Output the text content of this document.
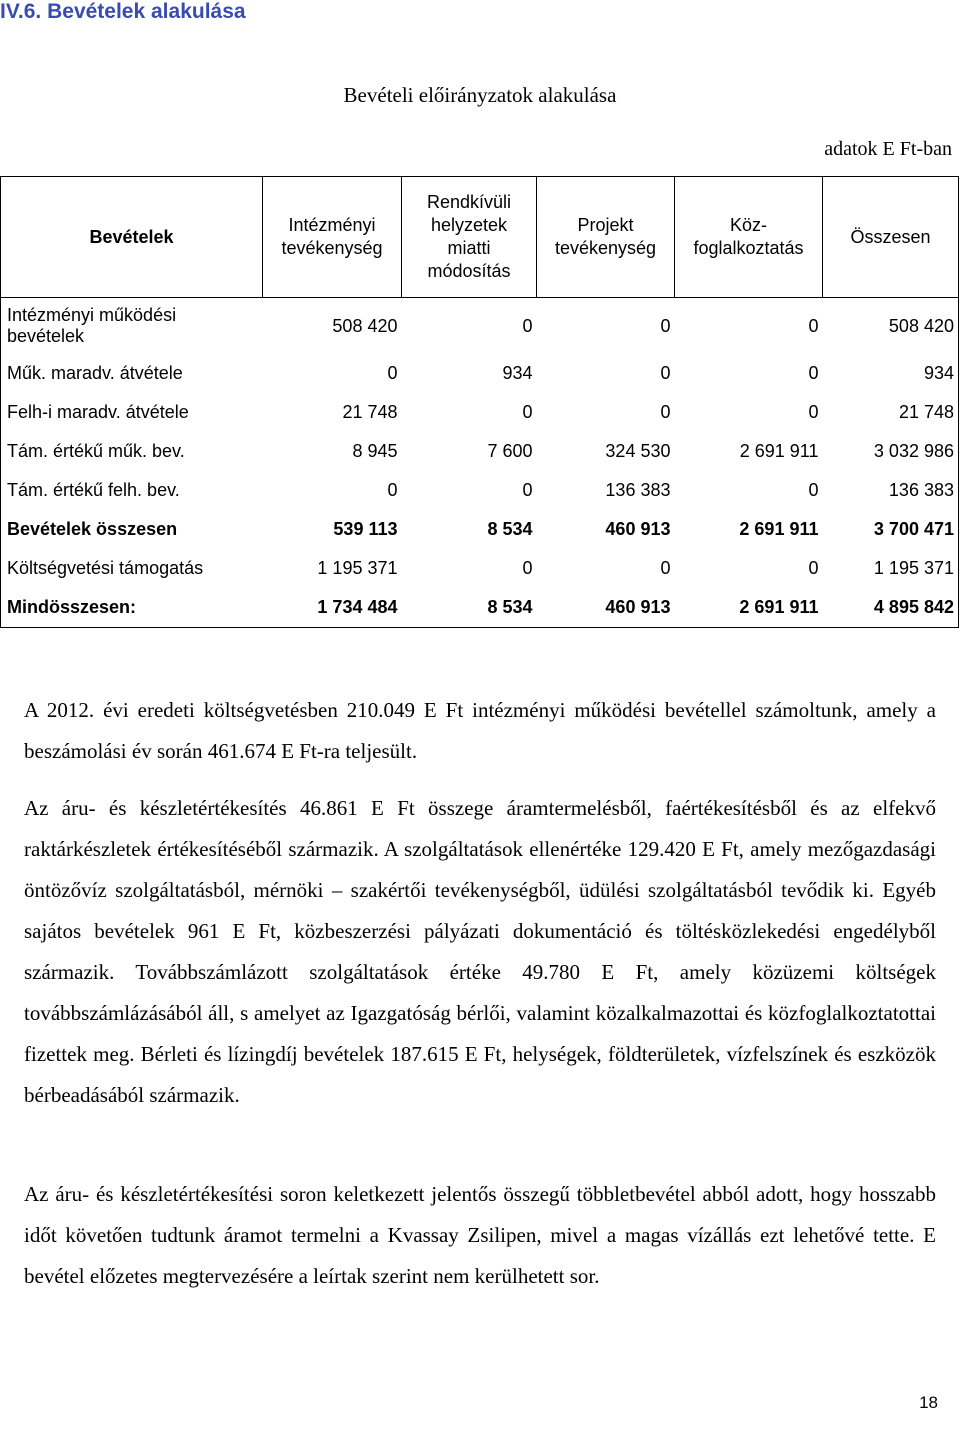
IV.6. Bevételek alakulása
Bevételi előirányzatok alakulása
adatok E Ft-ban
Bevételek	Intézményi tevékenység	Rendkívüli helyzetek miatti módosítás	Projekt tevékenység	Köz-foglalkoztatás	Összesen
Intézményi működési bevételek	508 420	0	0	0	508 420
Műk. maradv. átvétele	0	934	0	0	934
Felh-i maradv. átvétele	21 748	0	0	0	21 748
Tám. értékű műk. bev.	8 945	7 600	324 530	2 691 911	3 032 986
Tám. értékű felh. bev.	0	0	136 383	0	136 383
Bevételek összesen	539 113	8 534	460 913	2 691 911	3 700 471
Költségvetési támogatás	1 195 371	0	0	0	1 195 371
Mindösszesen:	1 734 484	8 534	460 913	2 691 911	4 895 842
A 2012. évi eredeti költségvetésben 210.049 E Ft intézményi működési bevétellel számoltunk, amely a beszámolási év során 461.674 E Ft-ra teljesült.
Az áru- és készletértékesítés 46.861 E Ft összege áramtermelésből, faértékesítésből és az elfekvő raktárkészletek értékesítéséből származik. A szolgáltatások ellenértéke 129.420 E Ft, amely mezőgazdasági öntözővíz szolgáltatásból, mérnöki – szakértői tevékenységből, üdülési szolgáltatásból tevődik ki. Egyéb sajátos bevételek 961 E Ft, közbeszerzési pályázati dokumentáció és töltésközlekedési engedélyből származik. Továbbszámlázott szolgáltatások értéke 49.780 E Ft, amely közüzemi költségek továbbszámlázásából áll, s amelyet az Igazgatóság bérlői, valamint közalkalmazottai és közfoglalkoztatottai fizettek meg. Bérleti és lízingdíj bevételek 187.615 E Ft, helységek, földterületek, vízfelszínek és eszközök bérbeadásából származik.
Az áru- és készletértékesítési soron keletkezett jelentős összegű többletbevétel abból adott, hogy hosszabb időt követően tudtunk áramot termelni a Kvassay Zsilipen, mivel a magas vízállás ezt lehetővé tette. E bevétel előzetes megtervezésére a leírtak szerint nem kerülhetett sor.
18
